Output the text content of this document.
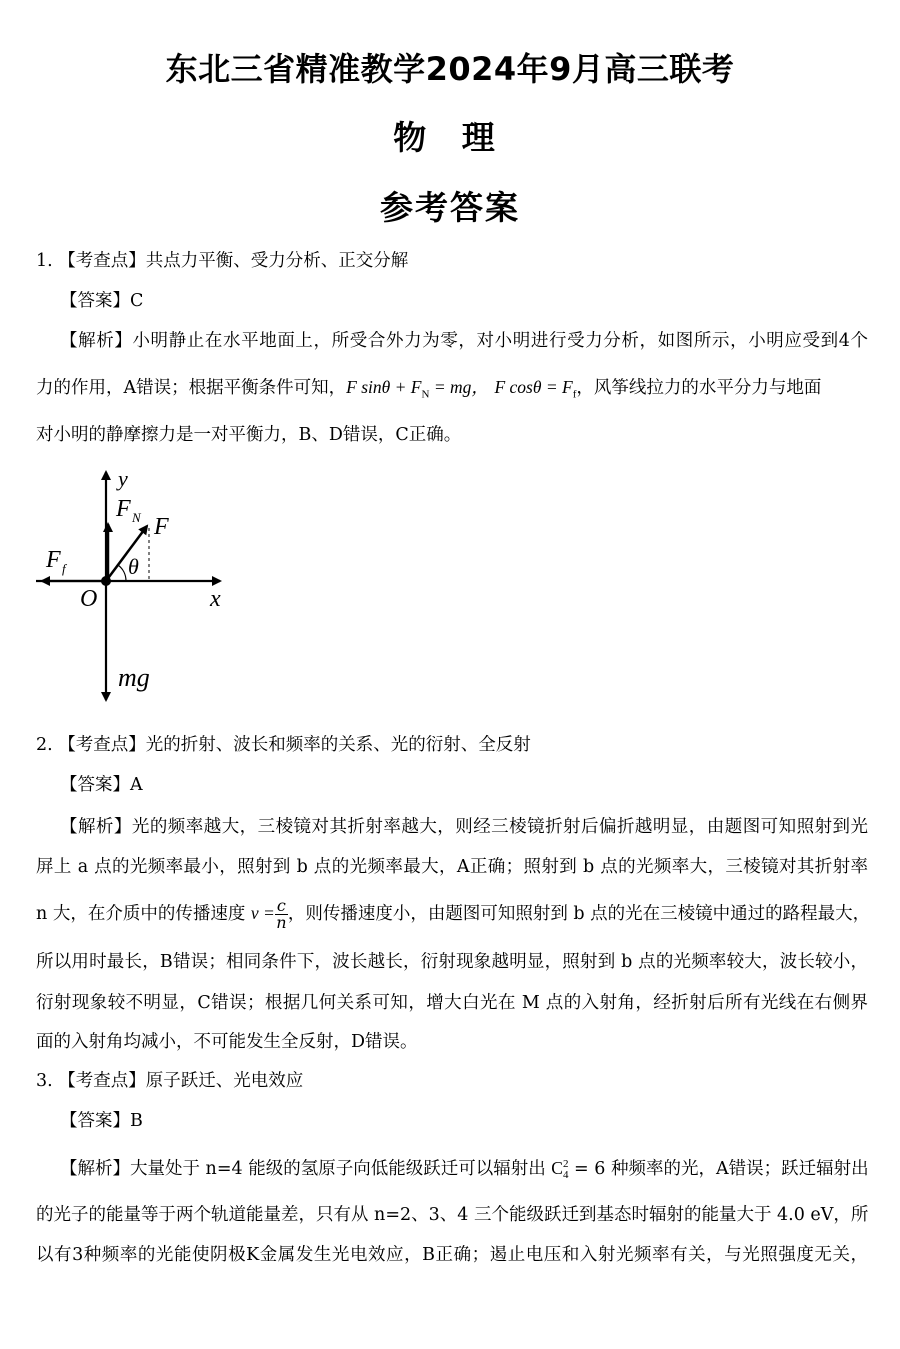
东北三省精准教学2024年9月高三联考
物 理
参考答案
1. 【考查点】共点力平衡、受力分析、正交分解
【答案】C
【解析】小明静止在水平地面上，所受合外力为零，对小明进行受力分析，如图所示，小明应受到4个
力的作用，A错误；根据平衡条件可知，F $\sin\theta + F_N$ = mg， F $\cos\theta = F_f$，风筝线拉力的水平分力与地面
对小明的静摩擦力是一对平衡力，B、D错误，C正确。
y
F N F
F f	θ
O	x
mg
2. 【考查点】光的折射、波长和频率的关系、光的衍射、全反射
【答案】A
【解析】光的频率越大，三棱镜对其折射率越大，则经三棱镜折射后偏折越明显，由题图可知照射到光
屏上 a 点的光频率最小，照射到 b 点的光频率最大，A正确；照射到 b 点的光频率大，三棱镜对其折射率
n 大，在介质中的传播速度 $v = \frac{c}{n}$ ，则传播速度小，由题图可知照射到 b 点的光在三棱镜中通过的路程最大，
所以用时最长，B错误；相同条件下，波长越长，衍射现象越明显，照射到 b 点的光频率较大，波长较小，
衍射现象较不明显，C错误；根据几何关系可知，增大白光在 M 点的入射角，经折射后所有光线在右侧界
面的入射角均减小，不可能发生全反射，D错误。
3. 【考查点】原子跃迁、光电效应
【答案】B
【解析】大量处于 n=4 能级的氢原子向低能级跃迁可以辐射出 C 2
4 = 6 种频率的光，A错误；跃迁辐射出
的光子的能量等于两个轨道能量差，只有从 n=2、3、4 三个能级跃迁到基态时辐射的能量大于 4.0 eV，所
以有3种频率的光能使阴极K金属发生光电效应，B正确；遏止电压和入射光频率有关，与光照强度无关，
